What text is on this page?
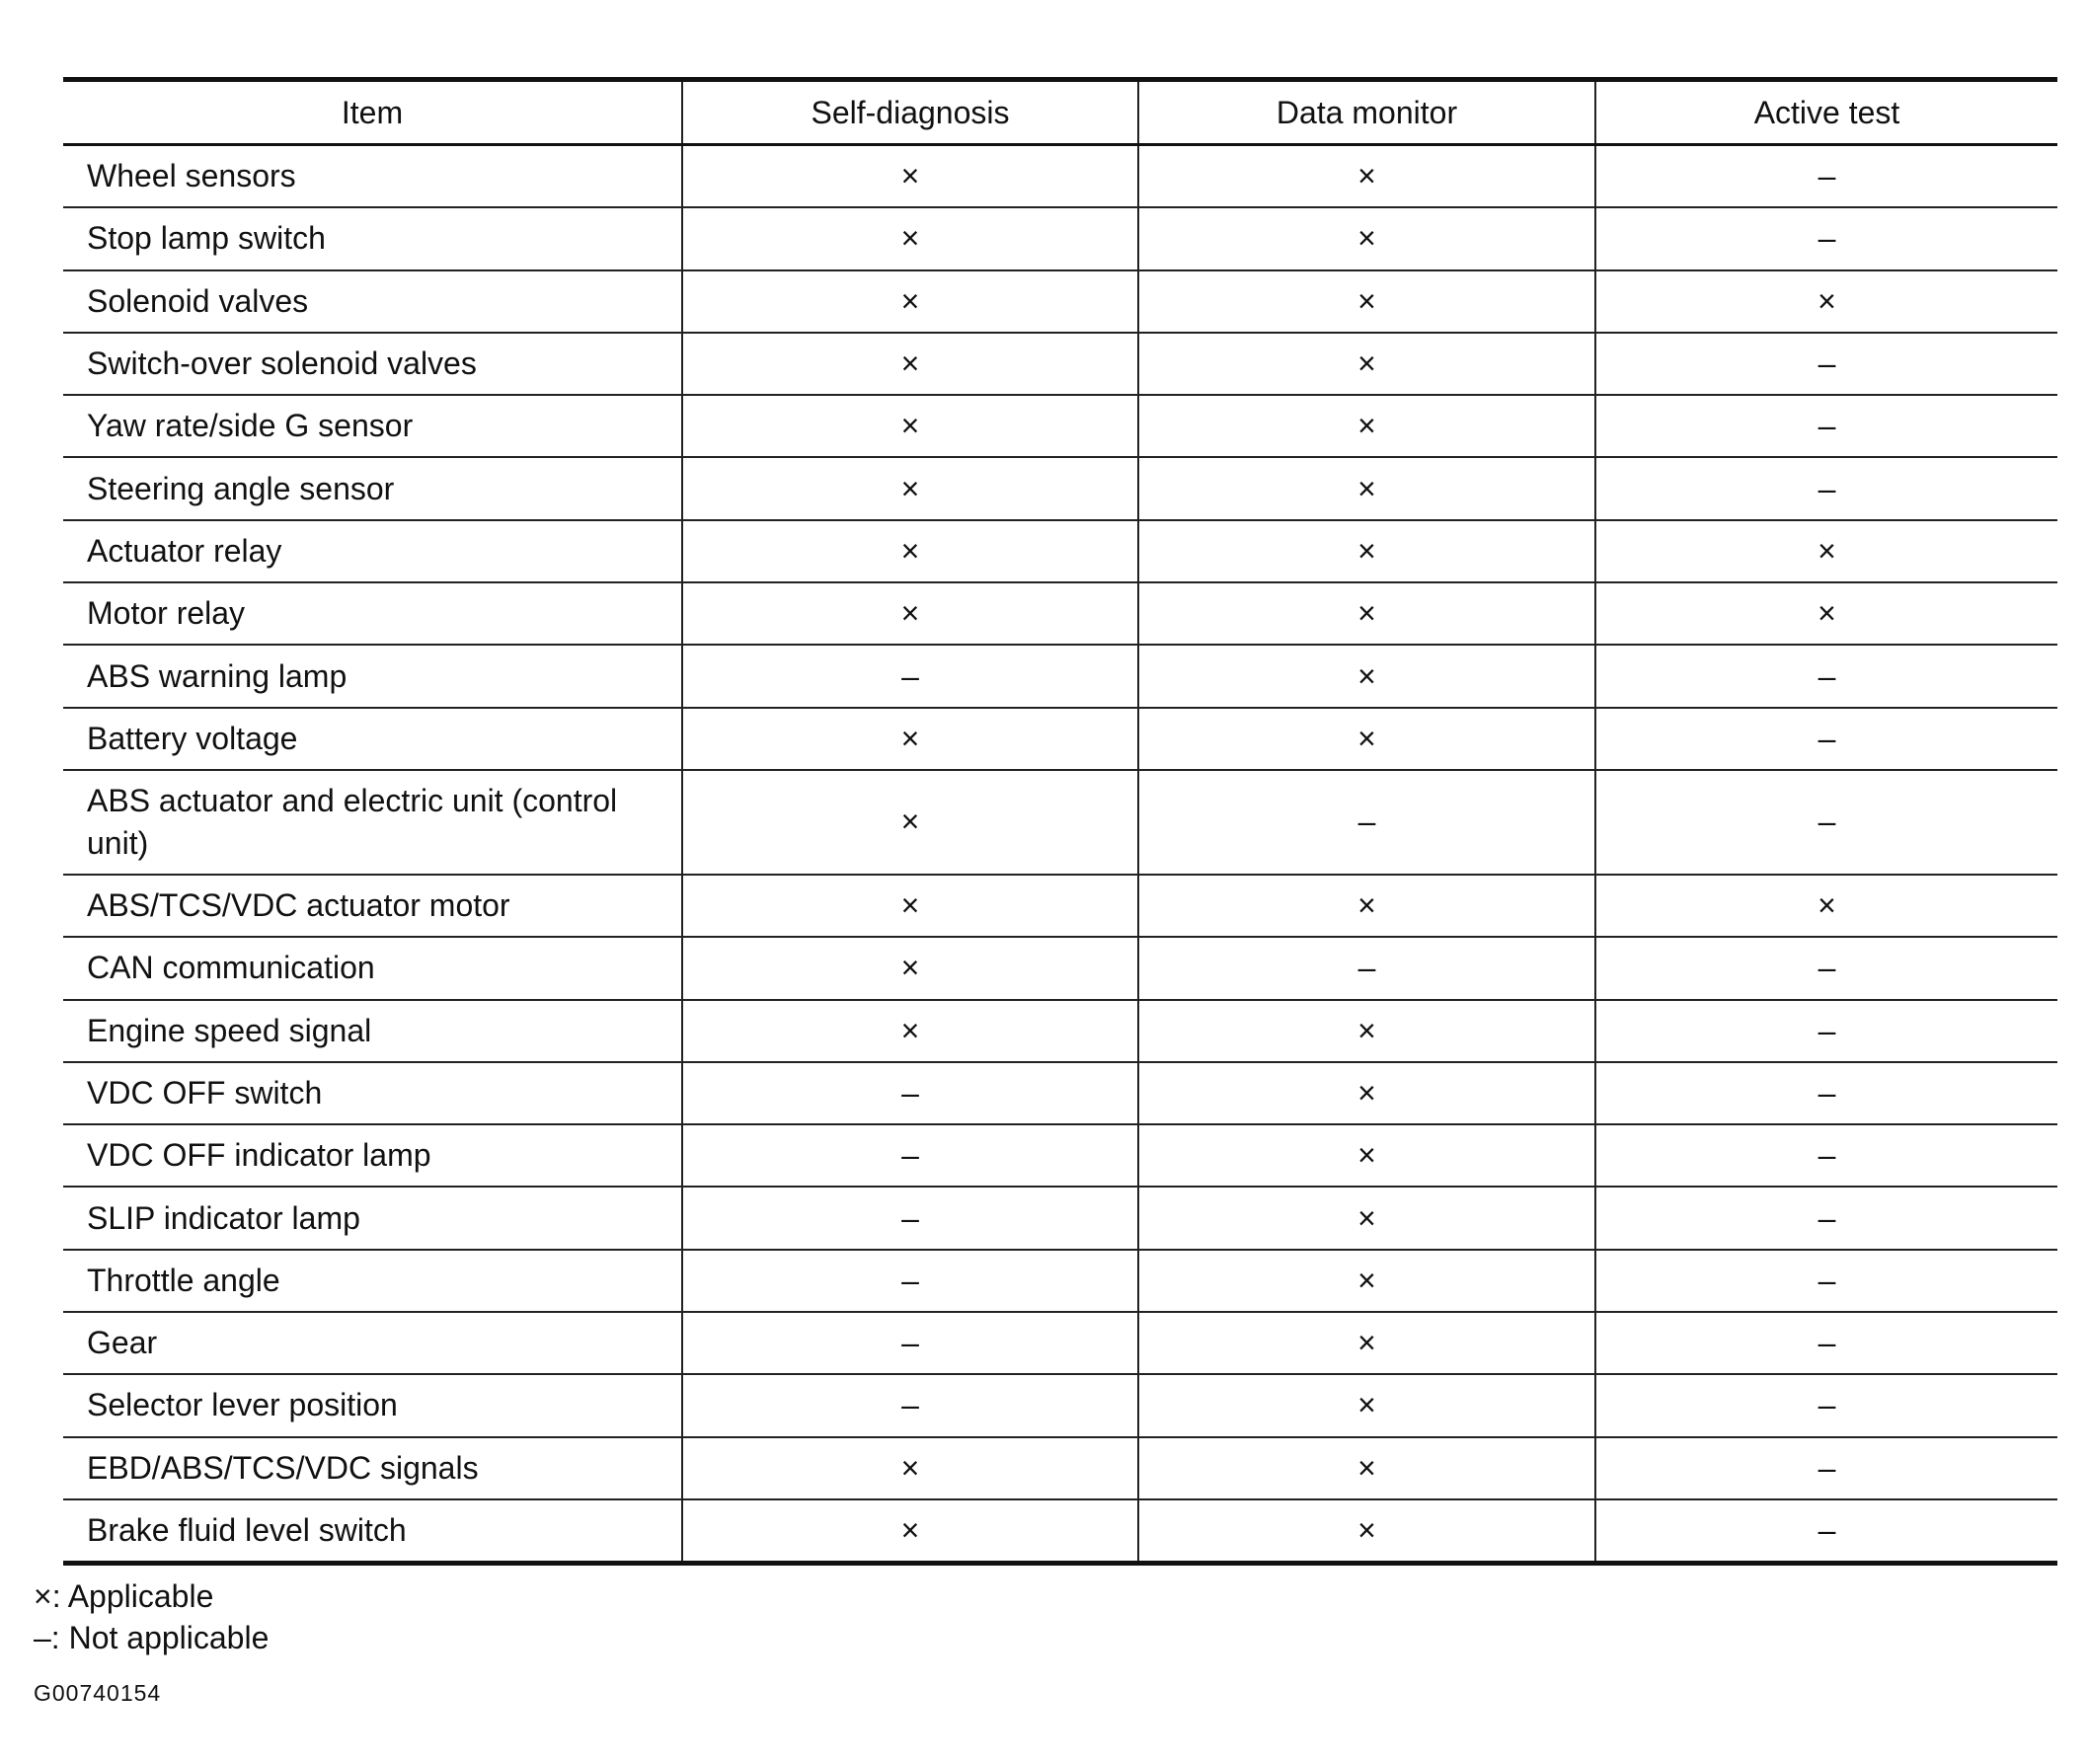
Item	Self-diagnosis	Data monitor	Active test
Wheel sensors	×	×	–
Stop lamp switch	×	×	–
Solenoid valves	×	×	×
Switch-over solenoid valves	×	×	–
Yaw rate/side G sensor	×	×	–
Steering angle sensor	×	×	–
Actuator relay	×	×	×
Motor relay	×	×	×
ABS warning lamp	–	×	–
Battery voltage	×	×	–
ABS actuator and electric unit (control unit)	×	–	–
ABS/TCS/VDC actuator motor	×	×	×
CAN communication	×	–	–
Engine speed signal	×	×	–
VDC OFF switch	–	×	–
VDC OFF indicator lamp	–	×	–
SLIP indicator lamp	–	×	–
Throttle angle	–	×	–
Gear	–	×	–
Selector lever position	–	×	–
EBD/ABS/TCS/VDC signals	×	×	–
Brake fluid level switch	×	×	–
×: Applicable
–: Not applicable
G00740154
